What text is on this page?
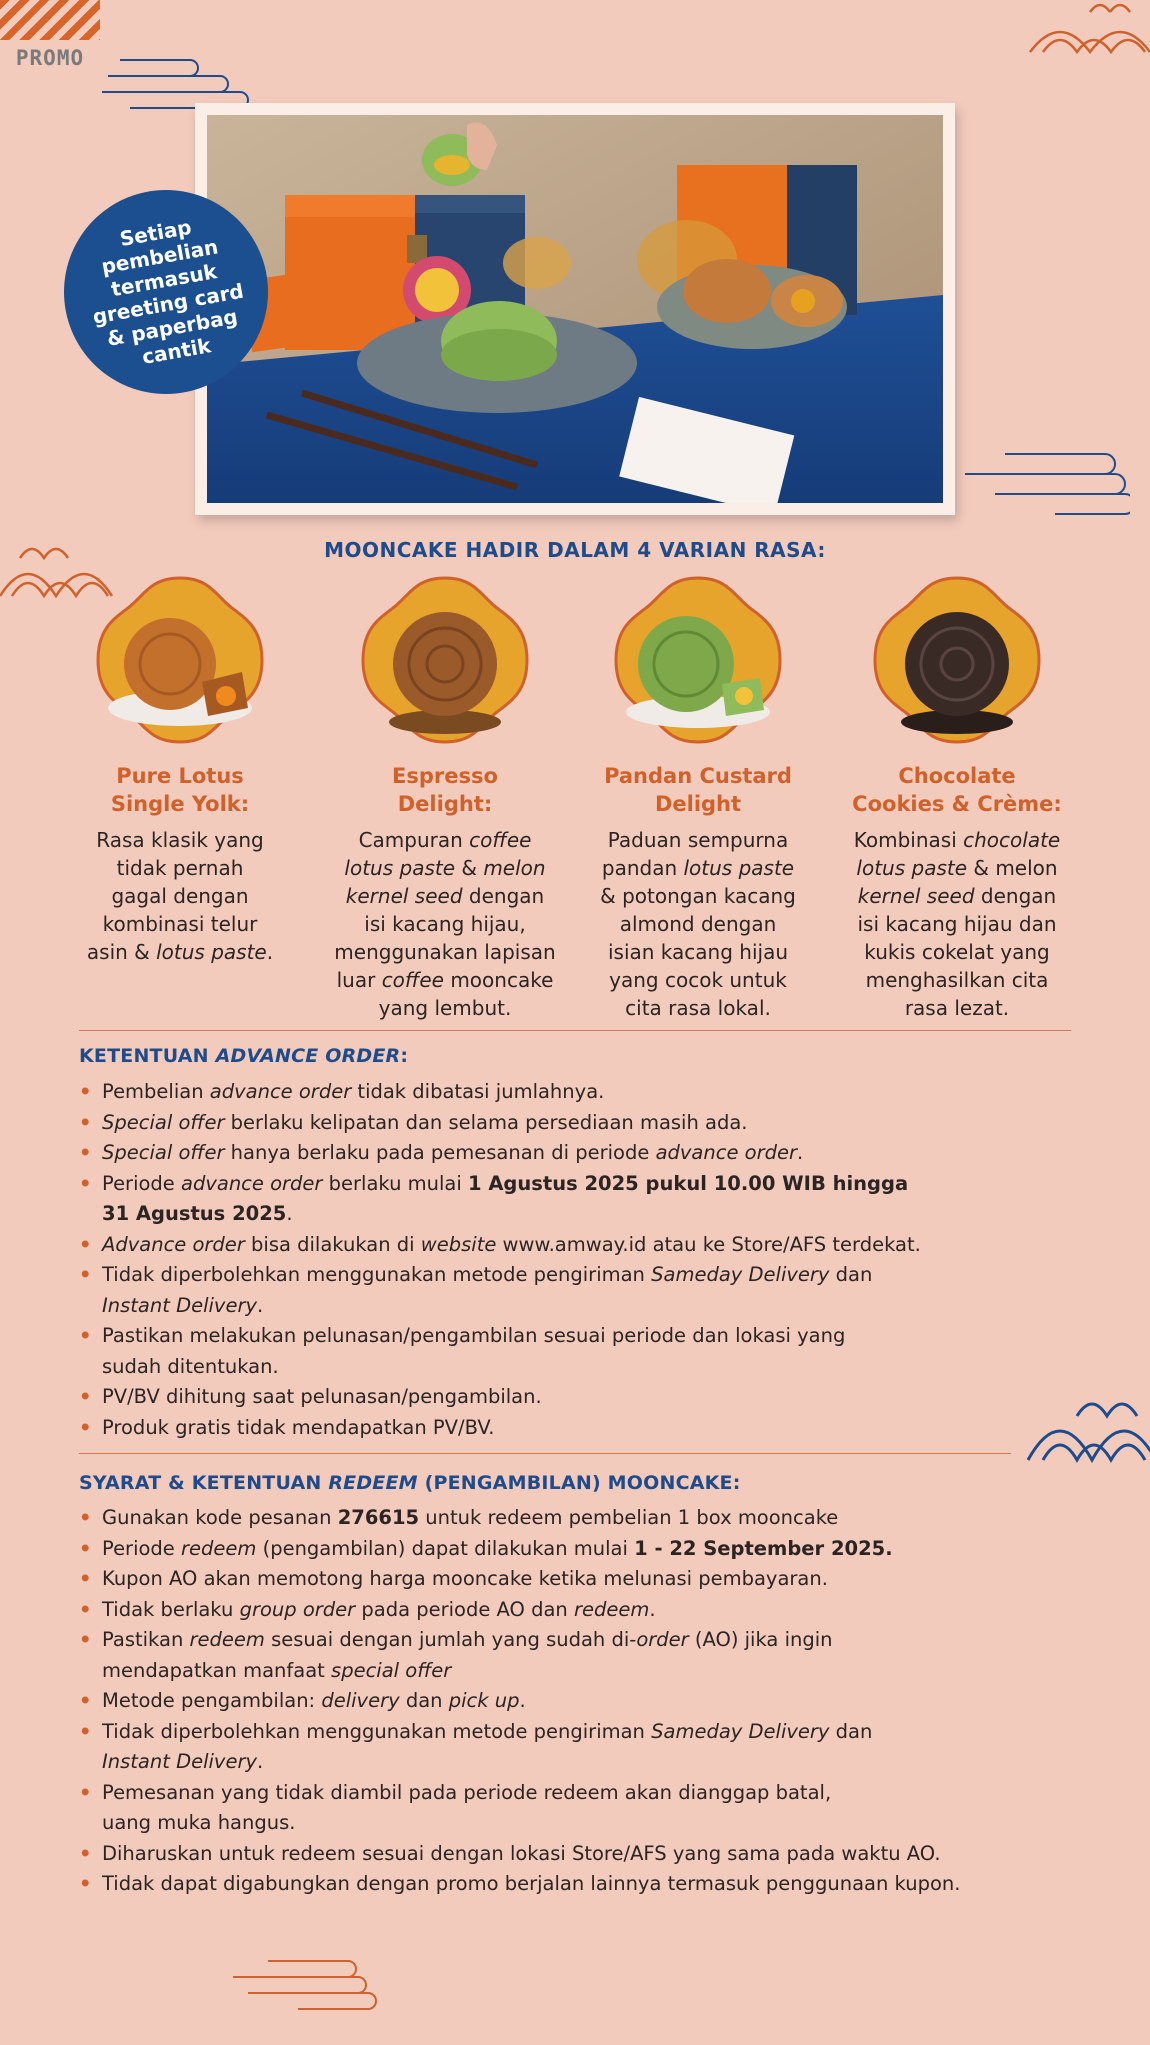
PROMO
Setiap
pembelian
termasuk
greeting card
& paperbag
cantik
MOONCAKE HADIR DALAM 4 VARIAN RASA:
Pure Lotus
Single Yolk:
Rasa klasik yang
tidak pernah
gagal dengan
kombinasi telur
asin & lotus paste.
Espresso
Delight:
Campuran coffee
lotus paste & melon
kernel seed dengan
isi kacang hijau,
menggunakan lapisan
luar coffee mooncake
yang lembut.
Pandan Custard
Delight
Paduan sempurna
pandan lotus paste
& potongan kacang
almond dengan
isian kacang hijau
yang cocok untuk
cita rasa lokal.
Chocolate
Cookies & Crème:
Kombinasi chocolate
lotus paste & melon
kernel seed dengan
isi kacang hijau dan
kukis cokelat yang
menghasilkan cita
rasa lezat.
KETENTUAN ADVANCE ORDER:
• Pembelian advance order tidak dibatasi jumlahnya.
• Special offer berlaku kelipatan dan selama persediaan masih ada.
• Special offer hanya berlaku pada pemesanan di periode advance order.
• Periode advance order berlaku mulai 1 Agustus 2025 pukul 10.00 WIB hingga
31 Agustus 2025.
• Advance order bisa dilakukan di website www.amway.id atau ke Store/AFS terdekat.
• Tidak diperbolehkan menggunakan metode pengiriman Sameday Delivery dan
Instant Delivery.
• Pastikan melakukan pelunasan/pengambilan sesuai periode dan lokasi yang
sudah ditentukan.
• PV/BV dihitung saat pelunasan/pengambilan.
• Produk gratis tidak mendapatkan PV/BV.
SYARAT & KETENTUAN REDEEM (PENGAMBILAN) MOONCAKE:
• Gunakan kode pesanan 276615 untuk redeem pembelian 1 box mooncake
• Periode redeem (pengambilan) dapat dilakukan mulai 1 - 22 September 2025.
• Kupon AO akan memotong harga mooncake ketika melunasi pembayaran.
• Tidak berlaku group order pada periode AO dan redeem.
• Pastikan redeem sesuai dengan jumlah yang sudah di-order (AO) jika ingin
mendapatkan manfaat special offer
• Metode pengambilan: delivery dan pick up.
• Tidak diperbolehkan menggunakan metode pengiriman Sameday Delivery dan
Instant Delivery.
• Pemesanan yang tidak diambil pada periode redeem akan dianggap batal,
uang muka hangus.
• Diharuskan untuk redeem sesuai dengan lokasi Store/AFS yang sama pada waktu AO.
• Tidak dapat digabungkan dengan promo berjalan lainnya termasuk penggunaan kupon.
